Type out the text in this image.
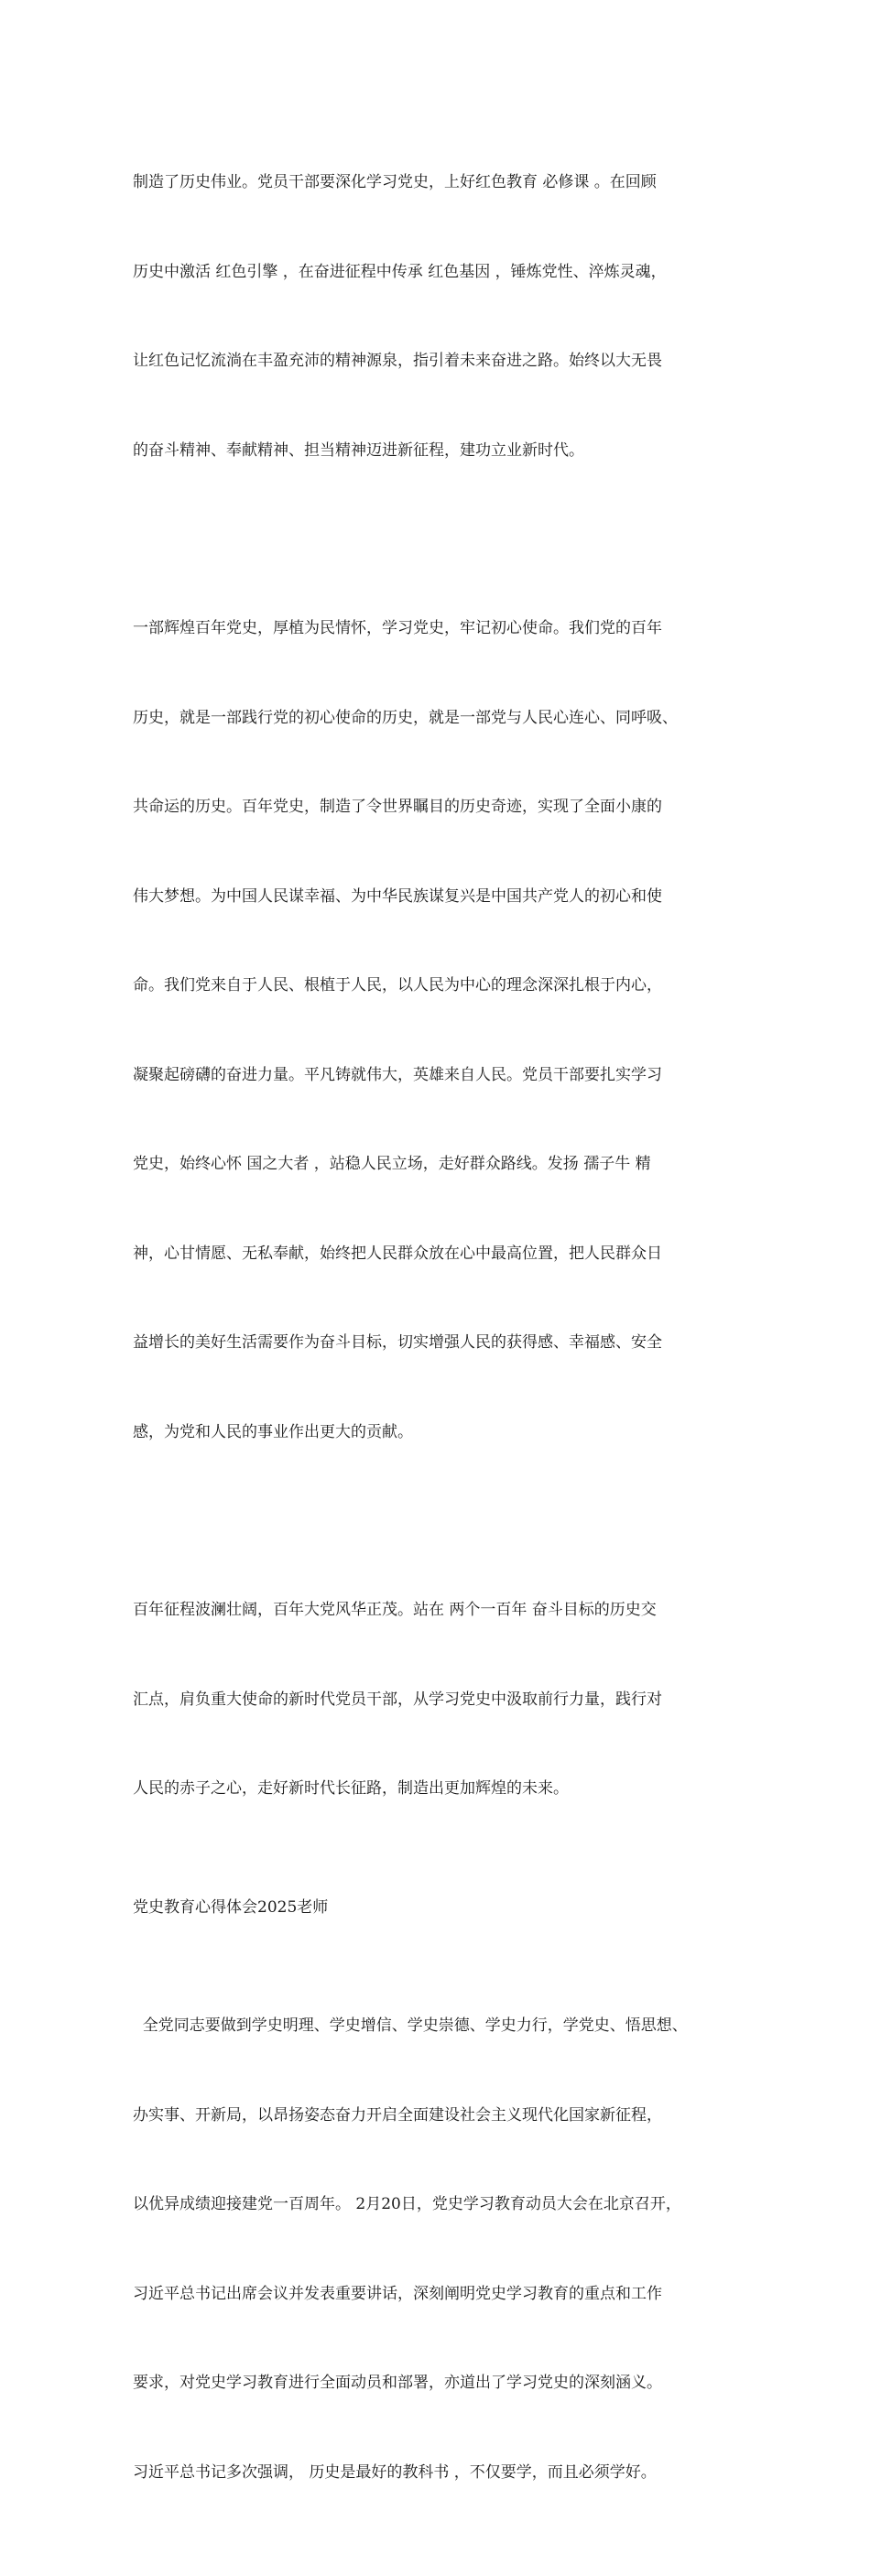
制造了历史伟业。党员干部要深化学习党史，上好红色教育 必修课 。在回顾

历史中激活 红色引擎 ，在奋进征程中传承 红色基因 ，锤炼党性、淬炼灵魂，

让红色记忆流淌在丰盈充沛的精神源泉，指引着未来奋进之路。始终以大无畏

的奋斗精神、奉献精神、担当精神迈进新征程，建功立业新时代。

一部辉煌百年党史，厚植为民情怀，学习党史，牢记初心使命。我们党的百年

历史，就是一部践行党的初心使命的历史，就是一部党与人民心连心、同呼吸、

共命运的历史。百年党史，制造了令世界瞩目的历史奇迹，实现了全面小康的

伟大梦想。为中国人民谋幸福、为中华民族谋复兴是中国共产党人的初心和使

命。我们党来自于人民、根植于人民，以人民为中心的理念深深扎根于内心，

凝聚起磅礴的奋进力量。平凡铸就伟大，英雄来自人民。党员干部要扎实学习

党史，始终心怀 国之大者 ，站稳人民立场，走好群众路线。发扬 孺子牛 精

神，心甘情愿、无私奉献，始终把人民群众放在心中最高位置，把人民群众日

益增长的美好生活需要作为奋斗目标，切实增强人民的获得感、幸福感、安全

感，为党和人民的事业作出更大的贡献。

百年征程波澜壮阔，百年大党风华正茂。站在 两个一百年 奋斗目标的历史交

汇点，肩负重大使命的新时代党员干部，从学习党史中汲取前行力量，践行对

人民的赤子之心，走好新时代长征路，制造出更加辉煌的未来。

党史教育心得体会2025老师

全党同志要做到学史明理、学史增信、学史崇德、学史力行，学党史、悟思想、

办实事、开新局，以昂扬姿态奋力开启全面建设社会主义现代化国家新征程，

以优异成绩迎接建党一百周年。 2月20日，党史学习教育动员大会在北京召开，

习近平总书记出席会议并发表重要讲话，深刻阐明党史学习教育的重点和工作

要求，对党史学习教育进行全面动员和部署，亦道出了学习党史的深刻涵义。

习近平总书记多次强调， 历史是最好的教科书 ，不仅要学，而且必须学好。
